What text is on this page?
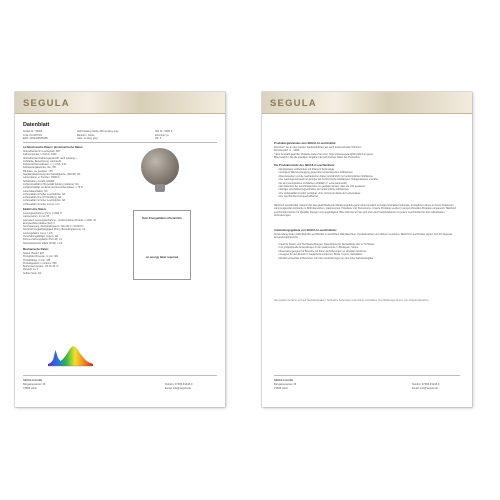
SEGULA
Datenblatt
Artikel-Nr.: 55060	LED Floating Globe 300 smokey gray	300 Nr.: 5000 K
Linie: FLOATING	Bauform: Globe	Dimmbar: ja
EAN: 4260443535468	Glas: smokey gray	VE: 3
Lichttechnische Daten / photometrische Daten:
Abstrahlwinkel im Leerbetrieb: 320°
Farbtemperatur, in Kelvin: 1900
Abstrahlwinkel Farbtemperaturdiff. nach Leistung: --
Lichtfarbe, Bezeichnung: warmweiß
Farbwertortskoordinaten: x / y 0.53 / 0.41
Farbwiedergabeindex, Ra: >85
R9-Index, ca. geeignet: >50
Standardabweichung des Farbabgleiche, (SDCM): NA
Lebensdauer, in Stunden: 15000 h
Schaltzyklen, Anzahl: 100000
Lichtstromabfall (L70) gemäß Fehlung (Lifetime): NA
Lichtstromabfall, am Ende der Nennlebensdauer: ≥ 70 %
Lebensdauerfaktor: NA
Lichtqualität mit hoher Leuchtdichte: NA
Lichtqualität ohne UV-Strahlung: NA
Lichtqualität mit hoher Leuchtdichte: NA
Lichtqualität mit hoher Lumen / nm
Elektrische Daten:
Leistungsaufnahme (Pon), in Watt: 8
Lampenstrom, in mA: 65
Äquivalent Leistungsaufnahme – herkömmliches Produkt, in Watt: 30
Energieeffizienzklasse (EU): F
Nennspannung / Betriebsfrequenz: 220-240 V / 50-60 Hz
Netzspannungsabhängigkeit (Pon) / Betriebsspannung: V1
Leistungsfaktor cos φ: ≥ 0.5
Verschaltungsfähiger (L/ges): NA
Flimmer-Störungsfaktor (Pst LM): 0,1
Stroboskopischer Effekt (SVM): ≤ 0,4
Mechanische Daten:
Sockel, Bauart: E27
Produktdurchmesser, in mm: 300
Produktlänge, in mm: 335
Produktgewicht, in Gramm: 860
Betriebstemperatur: -20 bis 35 °C
Zierstoff: ca. 0
Aufbau Seite: NA
Kein Energielabel erforderlich
no energy label required
SEGULA GmbH
Bergasseweiner 15
73566 Hock
Telefon: 07483-91218-0
Email: info@segula.de
SEGULA
Produktergänzendes zum SEGULA Leuchtmittel:
Dimmbar*: Ja, an den meisten handelsüblichen wie auch professionellen Dimmern
Dimmbereich: 0 – 100%
* Eine Auswahl geprüfter Produkte finden Sie unter: https://www.segula.lighting/dimmer-types/
Bitte beachten Sie die jeweiligen Angaben der technischen Daten des Herstellers.
Die Produktvorteile des SEGULA Leuchtmittels:
• Einzigartiges Lichterlebnis mit Filament Technologie
• Geringere Wärmeerzeugung gegenüber konventionellen Glühlampen
• Das Aussehen und die mechanischen Daten sind ähnlich zur herkömmlichen Glühlampe
• Der Leistungsverbrauch ist geringer als herkömmliche Glühlampen, Halogenlampen und ESL
• Es sind verschiedene Lichtfarben erhältlich (z. extra-warmweiß)
• Ein Abdecken der Leuchtmittel kann so gestaltet werden, dass sie echt aussehen
• Weniger anschaltverzugsverhalten als herkömmliche Glühlampen
• Die Lichtqualität ist sofort verfügbar, ohne Verlust am Ende der Lebensdauer
• Die Leuchtmittel sind quecksilberfrei
SEGULA Leuchtmittel, bekannt für das gleichbleibende Markenergebnis ganz ohne künstlich erzeugte Charaktermerkmale, ermöglichen Ihnen in Ihrem Projekt ein stimmungsvolles Ambiente in Wohnbereichen, Gastronomie, Hotellerie und Showrooms. Unsere Produkte werden in anspruchsvollen Projekten eingesetzt. SEGULA Leuchtmittel stehen für Qualität, Design und Langlebigkeit. Bitte informieren Sie sich über die Produktvarianten zu jedem Leuchtmittel für Ihre individuellen Anforderungen.
Anwendungsgebiete von SEGULA Leuchtmitteln:
Verwendung finden LED-Retrofit Leuchtmittel in sämtlichen Wandleuchten, Pendelleuchten und offenen Leuchten. SEGULA Leuchtmittel eignen sich für folgende Anwendungsbereiche:
• Ideal für Studio- und Tischbeleuchtungen, Beleuchtung für Showeffekte oder in TV-Shows
• Für professionelle Anwendungen in der Gastronomie, in Boutiquen, Shops
• Besonders geeignet für Bereiche mit hohen Anforderungen an stilvollem Ambiente
• Geeignet für den Einsatz in Gewerbeinnenräumen, Büros, Foyers, Gaststätten
• Einfach einsetzbar in Bereichen mit hohen Anforderungen an eine hohe Farbwiedergabe
Alle Angaben beziehen sich auf Herstellerangaben. Technische Änderungen und Irrtümer vorbehalten. Die Abbildungen können vom Original abweichen.
SEGULA GmbH
Bergasseweiner 15
73566 Hock
Telefon: 07483-91218-0
Email: info@segula.de
